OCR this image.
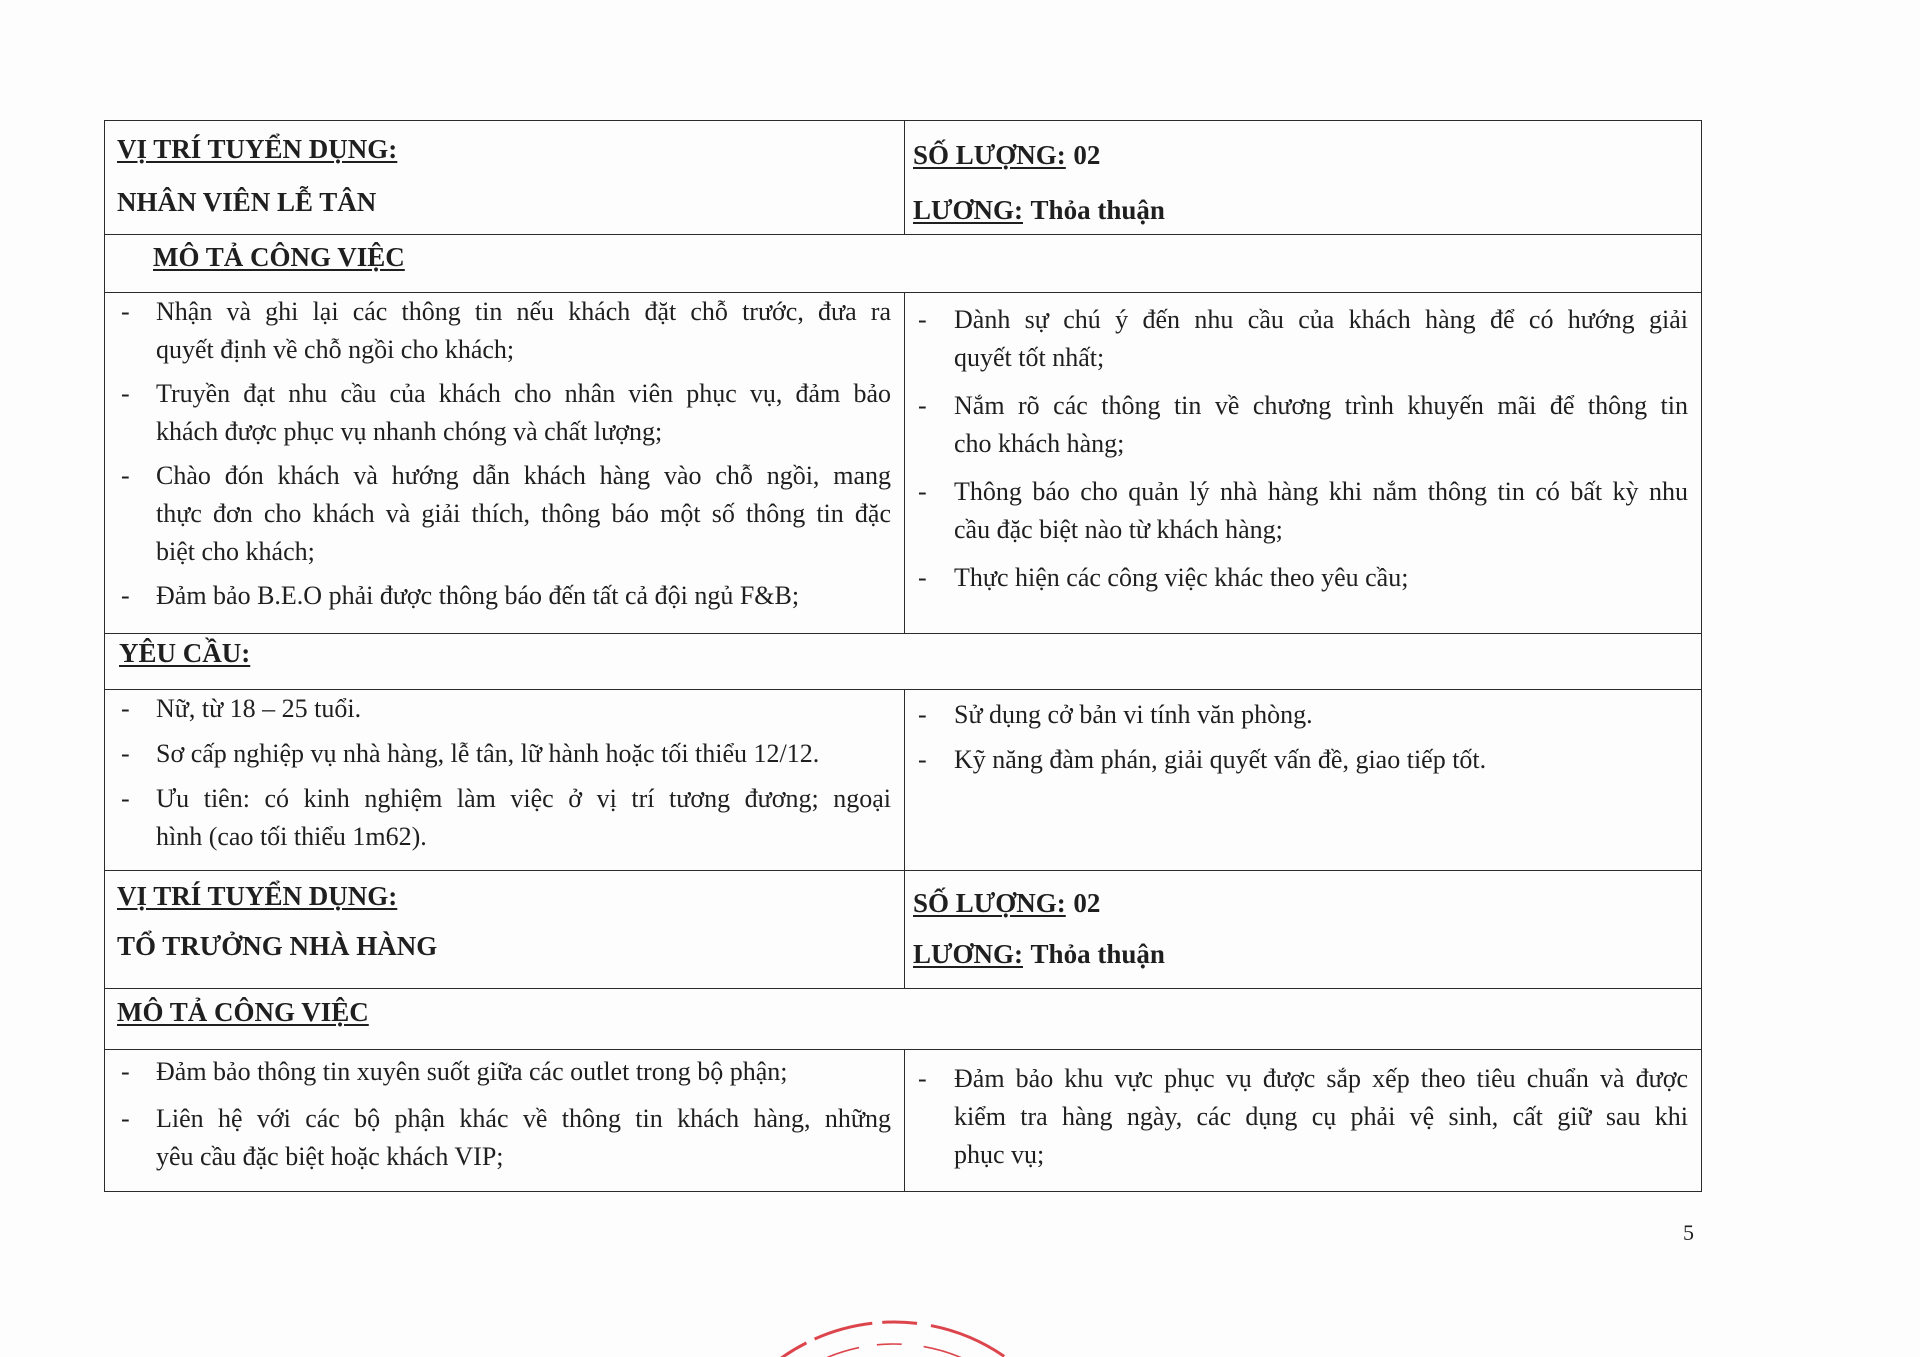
VỊ TRÍ TUYỂN DỤNG:
NHÂN VIÊN LỄ TÂN
SỐ LƯỢNG: 02
LƯƠNG: Thỏa thuận
MÔ TẢ CÔNG VIỆC
- Nhận và ghi lại các thông tin nếu khách đặt chỗ trước, đưa ra
quyết định về chỗ ngồi cho khách;
- Truyền đạt nhu cầu của khách cho nhân viên phục vụ, đảm bảo
khách được phục vụ nhanh chóng và chất lượng;
- Chào đón khách và hướng dẫn khách hàng vào chỗ ngồi, mang
thực đơn cho khách và giải thích, thông báo một số thông tin đặc
biệt cho khách;
- Đảm bảo B.E.O phải được thông báo đến tất cả đội ngủ F&B;
- Dành sự chú ý đến nhu cầu của khách hàng để có hướng giải
quyết tốt nhất;
- Nắm rõ các thông tin về chương trình khuyến mãi để thông tin
cho khách hàng;
- Thông báo cho quản lý nhà hàng khi nắm thông tin có bất kỳ nhu
cầu đặc biệt nào từ khách hàng;
- Thực hiện các công việc khác theo yêu cầu;
YÊU CẦU:
- Nữ, từ 18 – 25 tuổi.
- Sơ cấp nghiệp vụ nhà hàng, lễ tân, lữ hành hoặc tối thiểu 12/12.
- Ưu tiên: có kinh nghiệm làm việc ở vị trí tương đương; ngoại
hình (cao tối thiểu 1m62).
- Sử dụng cở bản vi tính văn phòng.
- Kỹ năng đàm phán, giải quyết vấn đề, giao tiếp tốt.
VỊ TRÍ TUYỂN DỤNG:
TỔ TRƯỞNG NHÀ HÀNG
SỐ LƯỢNG: 02
LƯƠNG: Thỏa thuận
MÔ TẢ CÔNG VIỆC
- Đảm bảo thông tin xuyên suốt giữa các outlet trong bộ phận;
- Liên hệ với các bộ phận khác về thông tin khách hàng, những
yêu cầu đặc biệt hoặc khách VIP;
- Đảm bảo khu vực phục vụ được sắp xếp theo tiêu chuẩn và được
kiểm tra hàng ngày, các dụng cụ phải vệ sinh, cất giữ sau khi
phục vụ;
5
